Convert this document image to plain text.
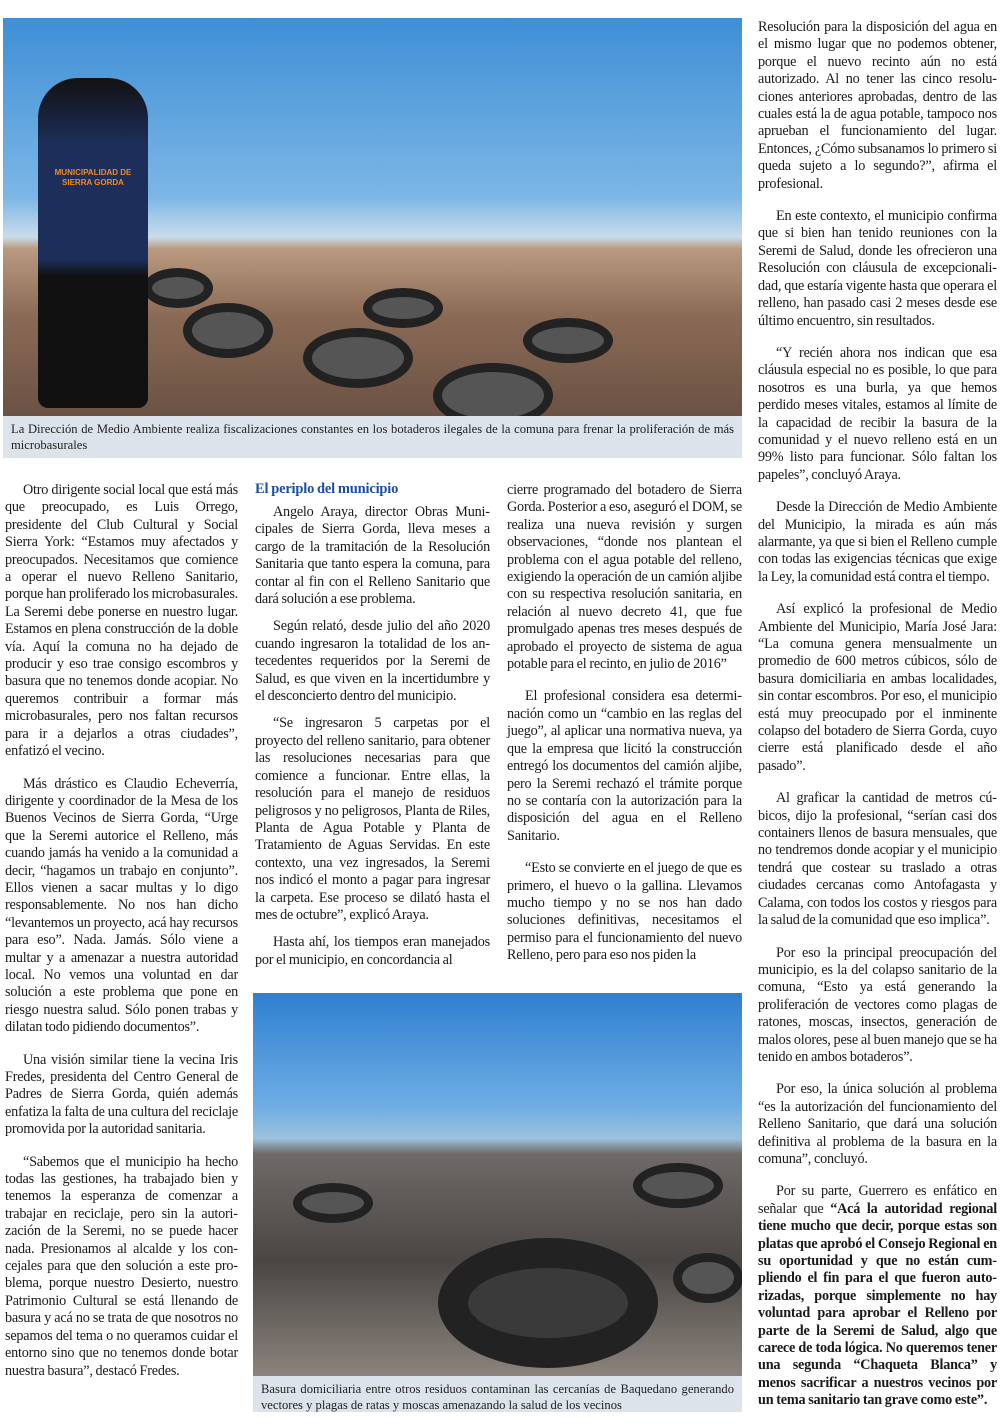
MUNICIPALIDAD DE SIERRA GORDA
La Dirección de Medio Ambiente realiza fiscalizaciones constantes en los botaderos ilegales de la comuna para frenar la proliferación de más microbasurales

Otro dirigente social local que está más que preocupado, es Luis Orrego, presidente del Club Cultural y Social Sierra York: “Estamos muy afectados y preocupados. Necesitamos que comience a operar el nuevo Relleno Sanitario, porque han proliferado los microbasurales. La Seremi debe ponerse en nuestro lugar. Estamos en plena construcción de la doble vía. Aquí la comuna no ha dejado de producir y eso trae consigo escombros y basura que no tenemos donde acopiar. No queremos contribuir a formar más microbasurales, pero nos faltan recursos para ir a dejarlos a otras ciudades”, enfatizó el vecino.

Más drástico es Claudio Echeverría, dirigente y coordinador de la Mesa de los Buenos Vecinos de Sierra Gorda, “Urge que la Seremi autorice el Relleno, más cuando jamás ha venido a la comunidad a decir, “hagamos un trabajo en conjunto”. Ellos vienen a sacar multas y lo digo responsablemente. No nos han dicho “levantemos un proyecto, acá hay recursos para eso”. Nada. Jamás. Sólo viene a multar y a amenazar a nuestra autoridad local. No vemos una voluntad en dar solución a este problema que pone en riesgo nuestra salud. Sólo ponen trabas y dilatan todo pidiendo documentos”.

Una visión similar tiene la vecina Iris Fredes, presidenta del Centro General de Padres de Sierra Gorda, quién además enfatiza la falta de una cultura del reciclaje promovida por la autoridad sanitaria.

“Sabemos que el municipio ha hecho todas las gestiones, ha trabajado bien y tenemos la esperanza de comenzar a trabajar en reciclaje, pero sin la autorización de la Seremi, no se puede hacer nada. Presionamos al alcalde y los concejales para que den solución a este problema, porque nuestro Desierto, nuestro Patrimonio Cultural se está llenando de basura y acá no se trata de que nosotros no sepamos del tema o no queramos cuidar el entorno sino que no tenemos donde botar nuestra basura”, destacó Fredes.

El periplo del municipio

Angelo Araya, director Obras Municipales de Sierra Gorda, lleva meses a cargo de la tramitación de la Resolución Sanitaria que tanto espera la comuna, para contar al fin con el Relleno Sanitario que dará solución a ese problema.

Según relató, desde julio del año 2020 cuando ingresaron la totalidad de los antecedentes requeridos por la Seremi de Salud, es que viven en la incertidumbre y el desconcierto dentro del municipio.

“Se ingresaron 5 carpetas por el proyecto del relleno sanitario, para obtener las resoluciones necesarias para que comience a funcionar. Entre ellas, la resolución para el manejo de residuos peligrosos y no peligrosos, Planta de Riles, Planta de Agua Potable y Planta de Tratamiento de Aguas Servidas. En este contexto, una vez ingresados, la Seremi nos indicó el monto a pagar para ingresar la carpeta. Ese proceso se dilató hasta el mes de octubre”, explicó Araya.

Hasta ahí, los tiempos eran manejados por el municipio, en concordancia al

cierre programado del botadero de Sierra Gorda. Posterior a eso, aseguró el DOM, se realiza una nueva revisión y surgen observaciones, “donde nos plantean el problema con el agua potable del relleno, exigiendo la operación de un camión aljibe con su respectiva resolución sanitaria, en relación al nuevo decreto 41, que fue promulgado apenas tres meses después de aprobado el proyecto de sistema de agua potable para el recinto, en julio de 2016”

El profesional considera esa determinación como un “cambio en las reglas del juego”, al aplicar una normativa nueva, ya que la empresa que licitó la construcción entregó los documentos del camión aljibe, pero la Seremi rechazó el trámite porque no se contaría con la autorización para la disposición del agua en el Relleno Sanitario.

“Esto se convierte en el juego de que es primero, el huevo o la gallina. Llevamos mucho tiempo y no se nos han dado soluciones definitivas, necesitamos el permiso para el funcionamiento del nuevo Relleno, pero para eso nos piden la

Basura domiciliaria entre otros residuos contaminan las cercanías de Baquedano generando vectores y plagas de ratas y moscas amenazando la salud de los vecinos

Resolución para la disposición del agua en el mismo lugar que no podemos obtener, porque el nuevo recinto aún no está autorizado. Al no tener las cinco resoluciones anteriores aprobadas, dentro de las cuales está la de agua potable, tampoco nos aprueban el funcionamiento del lugar. Entonces, ¿Cómo subsanamos lo primero si queda sujeto a lo segundo?”, afirma el profesional.

En este contexto, el municipio confirma que si bien han tenido reuniones con la Seremi de Salud, donde les ofrecieron una Resolución con cláusula de excepcionalidad, que estaría vigente hasta que operara el relleno, han pasado casi 2 meses desde ese último encuentro, sin resultados.

“Y recién ahora nos indican que esa cláusula especial no es posible, lo que para nosotros es una burla, ya que hemos perdido meses vitales, estamos al límite de la capacidad de recibir la basura de la comunidad y el nuevo relleno está en un 99% listo para funcionar. Sólo faltan los papeles”, concluyó Araya.

Desde la Dirección de Medio Ambiente del Municipio, la mirada es aún más alarmante, ya que si bien el Relleno cumple con todas las exigencias técnicas que exige la Ley, la comunidad está contra el tiempo.

Así explicó la profesional de Medio Ambiente del Municipio, María José Jara: “La comuna genera mensualmente un promedio de 600 metros cúbicos, sólo de basura domiciliaria en ambas localidades, sin contar escombros. Por eso, el municipio está muy preocupado por el inminente colapso del botadero de Sierra Gorda, cuyo cierre está planificado desde el año pasado”.

Al graficar la cantidad de metros cúbicos, dijo la profesional, “serían casi dos containers llenos de basura mensuales, que no tendremos donde acopiar y el municipio tendrá que costear su traslado a otras ciudades cercanas como Antofagasta y Calama, con todos los costos y riesgos para la salud de la comunidad que eso implica”.

Por eso la principal preocupación del municipio, es la del colapso sanitario de la comuna, “Esto ya está generando la proliferación de vectores como plagas de ratones, moscas, insectos, generación de malos olores, pese al buen manejo que se ha tenido en ambos botaderos”.

Por eso, la única solución al problema “es la autorización del funcionamiento del Relleno Sanitario, que dará una solución definitiva al problema de la basura en la comuna”, concluyó.

Por su parte, Guerrero es enfático en señalar que “Acá la autoridad regional tiene mucho que decir, porque estas son platas que aprobó el Consejo Regional en su oportunidad y que no están cumpliendo el fin para el que fueron autorizadas, porque simplemente no hay voluntad para aprobar el Relleno por parte de la Seremi de Salud, algo que carece de toda lógica. No queremos tener una segunda “Chaqueta Blanca” y menos sacrificar a nuestros vecinos por un tema sanitario tan grave como este”.
